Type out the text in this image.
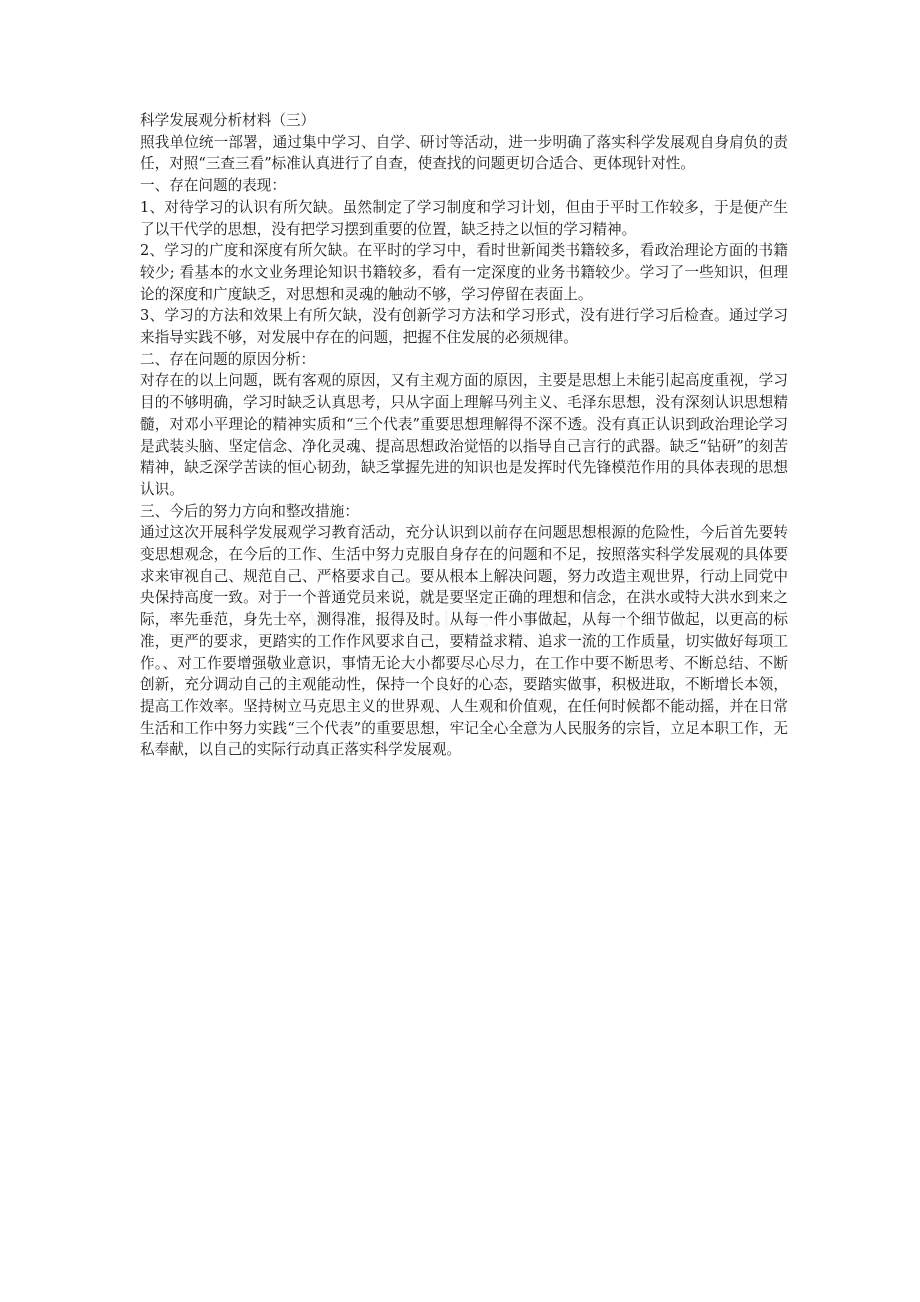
科学发展观分析材料（三）

照我单位统一部署，通过集中学习、自学、研讨等活动，进一步明确了落实科学发展观自身肩负的责任，对照“三查三看”标准认真进行了自查，使查找的问题更切合适合、更体现针对性。

一、存在问题的表现：

1、对待学习的认识有所欠缺。虽然制定了学习制度和学习计划，但由于平时工作较多，于是便产生了以干代学的思想，没有把学习摆到重要的位置，缺乏持之以恒的学习精神。

2、学习的广度和深度有所欠缺。在平时的学习中，看时世新闻类书籍较多，看政治理论方面的书籍较少; 看基本的水文业务理论知识书籍较多，看有一定深度的业务书籍较少。学习了一些知识，但理论的深度和广度缺乏，对思想和灵魂的触动不够，学习停留在表面上。

3、学习的方法和效果上有所欠缺，没有创新学习方法和学习形式，没有进行学习后检查。通过学习来指导实践不够，对发展中存在的问题，把握不住发展的必须规律。

二、存在问题的原因分析：

对存在的以上问题，既有客观的原因，又有主观方面的原因，主要是思想上未能引起高度重视，学习目的不够明确，学习时缺乏认真思考，只从字面上理解马列主义、毛泽东思想，没有深刻认识思想精髓，对邓小平理论的精神实质和“三个代表”重要思想理解得不深不透。没有真正认识到政治理论学习是武装头脑、坚定信念、净化灵魂、提高思想政治觉悟的以指导自己言行的武器。缺乏“钻研”的刻苦精神，缺乏深学苦读的恒心韧劲，缺乏掌握先进的知识也是发挥时代先锋模范作用的具体表现的思想认识。

三、今后的努力方向和整改措施：

通过这次开展科学发展观学习教育活动，充分认识到以前存在问题思想根源的危险性，今后首先要转变思想观念，在今后的工作、生活中努力克服自身存在的问题和不足，按照落实科学发展观的具体要求来审视自己、规范自己、严格要求自己。要从根本上解决问题，努力改造主观世界，行动上同党中央保持高度一致。对于一个普通党员来说，就是要坚定正确的理想和信念，在洪水或特大洪水到来之际，率先垂范，身先士卒，测得准，报得及时。从每一件小事做起，从每一个细节做起，以更高的标准，更严的要求，更踏实的工作作风要求自己，要精益求精、追求一流的工作质量，切实做好每项工作。、对工作要增强敬业意识，事情无论大小都要尽心尽力，在工作中要不断思考、不断总结、不断创新，充分调动自己的主观能动性，保持一个良好的心态，要踏实做事，积极进取，不断增长本领，提高工作效率。坚持树立马克思主义的世界观、人生观和价值观，在任何时候都不能动摇，并在日常生活和工作中努力实践“三个代表”的重要思想，牢记全心全意为人民服务的宗旨，立足本职工作，无私奉献，以自己的实际行动真正落实科学发展观。
